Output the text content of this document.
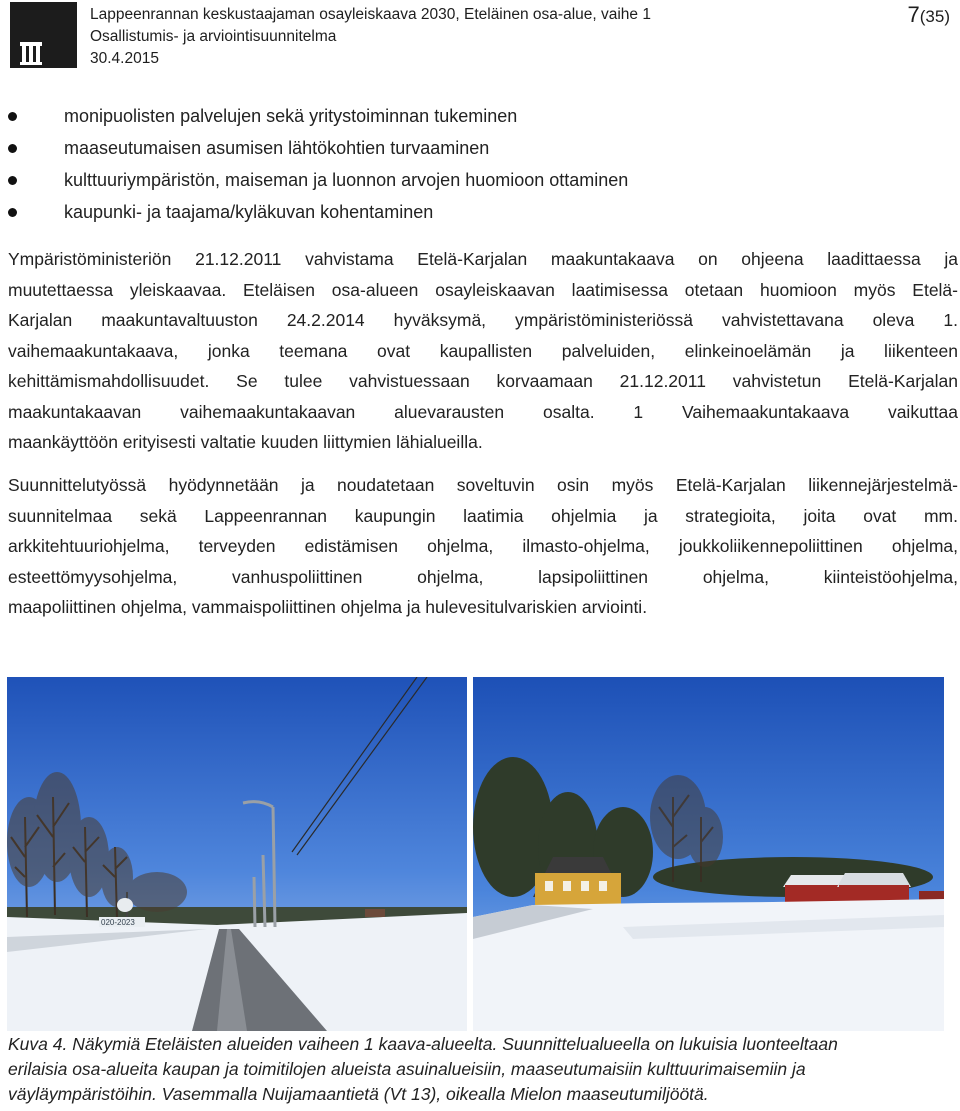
Lappeenrannan keskustaajaman osayleiskaava 2030, Eteläinen osa-alue, vaihe 1
Osallistumis- ja arviointisuunnitelma
30.4.2015
7(35)
monipuolisten palvelujen sekä yritystoiminnan tukeminen
maaseutumaisen asumisen lähtökohtien turvaaminen
kulttuuriympäristön, maiseman ja luonnon arvojen huomioon ottaminen
kaupunki- ja taajama/kyläkuvan kohentaminen
Ympäristöministeriön 21.12.2011 vahvistama Etelä-Karjalan maakuntakaava on ohjeena laadittaessa ja
muutettaessa yleiskaavaa. Eteläisen osa-alueen osayleiskaavan laatimisessa otetaan huomioon myös Etelä-
Karjalan maakuntavaltuuston 24.2.2014 hyväksymä, ympäristöministeriössä vahvistettavana oleva 1.
vaihemaakuntakaava, jonka teemana ovat kaupallisten palveluiden, elinkeinoelämän ja liikenteen
kehittämismahdollisuudet. Se tulee vahvistuessaan korvaamaan 21.12.2011 vahvistetun Etelä-Karjalan
maakuntakaavan vaihemaakuntakaavan aluevarausten osalta. 1 Vaihemaakuntakaava vaikuttaa
maankäyttöön erityisesti valtatie kuuden liittymien lähialueilla.
Suunnittelutyössä hyödynnetään ja noudatetaan soveltuvin osin myös Etelä-Karjalan liikennejärjestelmä-
suunnitelmaa sekä Lappeenrannan kaupungin laatimia ohjelmia ja strategioita, joita ovat mm.
arkkitehtuuriohjelma, terveyden edistämisen ohjelma, ilmasto-ohjelma, joukkoliikennepoliittinen ohjelma,
esteettömyysohjelma, vanhuspoliittinen ohjelma, lapsipoliittinen ohjelma, kiinteistöohjelma,
maapoliittinen ohjelma, vammaispoliittinen ohjelma ja hulevesitulvariskien arviointi.
020-2023
Kuva 4. Näkymiä Eteläisten alueiden vaiheen 1 kaava-alueelta. Suunnittelualueella on lukuisia luonteeltaan
erilaisia osa-alueita kaupan ja toimitilojen alueista asuinalueisiin, maaseutumaisiin kulttuurimaisemiin ja
väyläympäristöihin. Vasemmalla Nuijamaantietä (Vt 13), oikealla Mielon maaseutumiljöötä.
